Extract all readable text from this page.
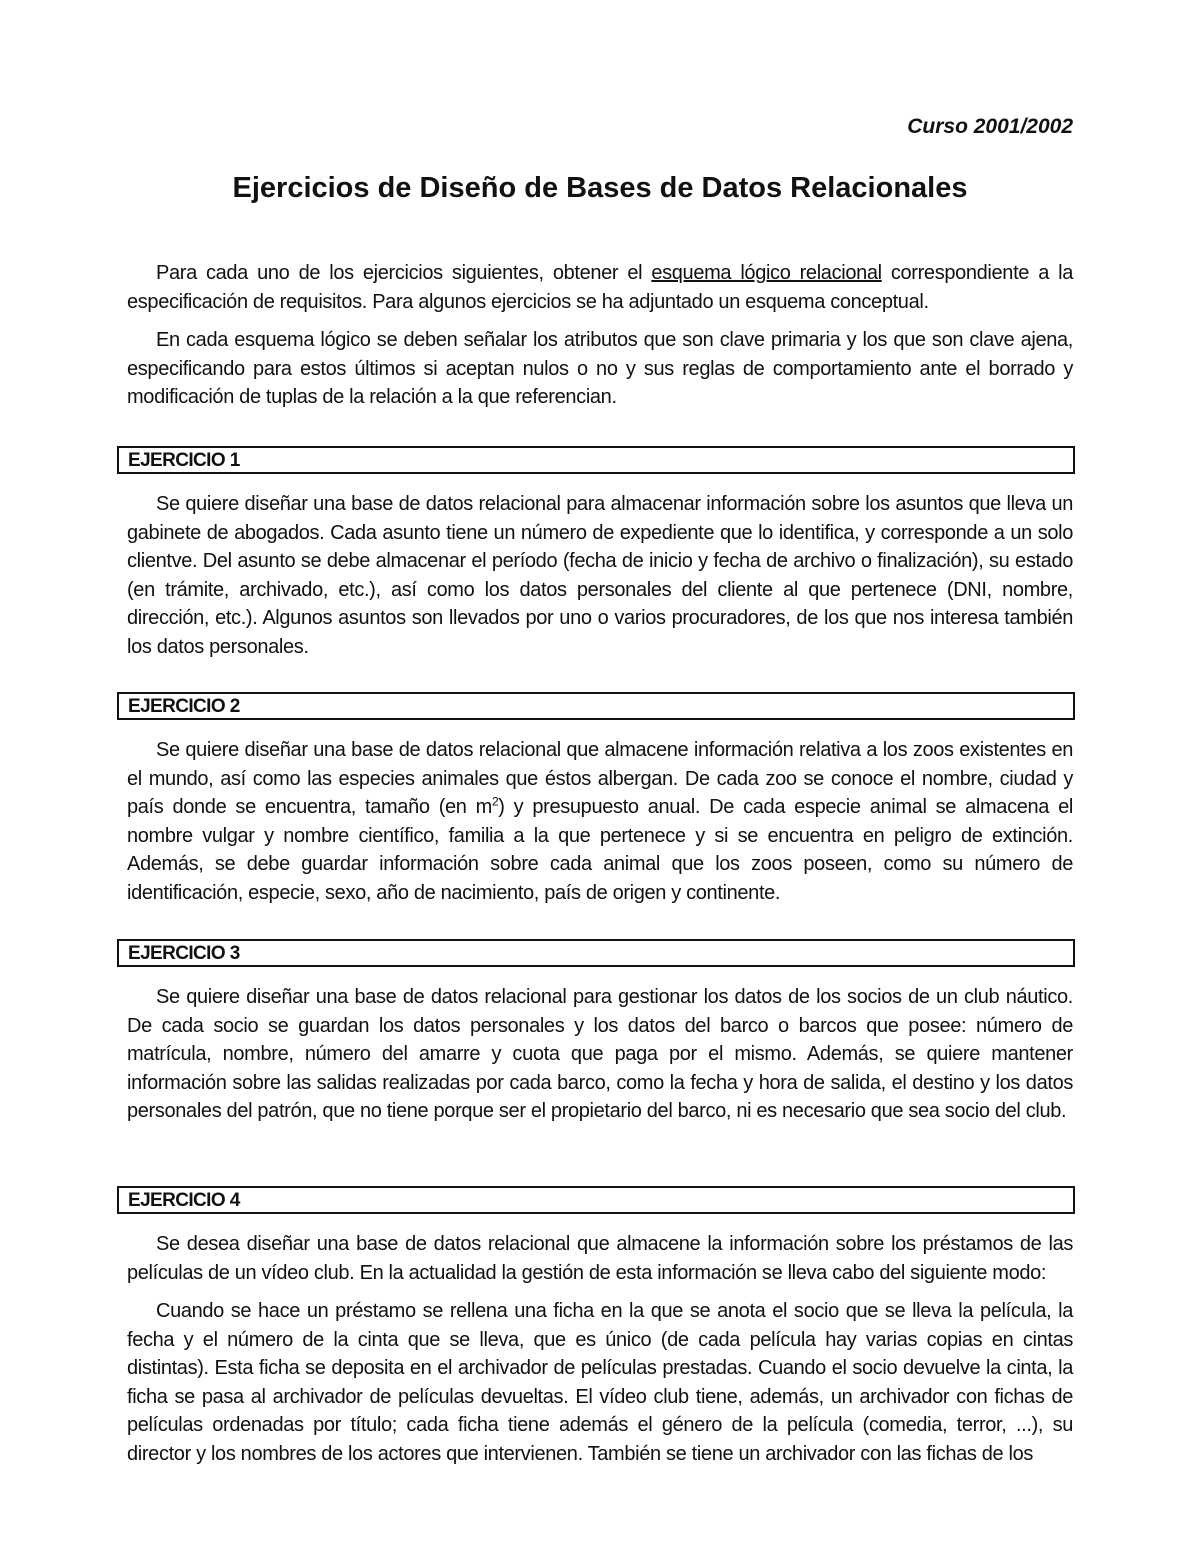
Curso 2001/2002
Ejercicios de Diseño de Bases de Datos Relacionales

Para cada uno de los ejercicios siguientes, obtener el esquema lógico relacional correspondiente a la especificación de requisitos. Para algunos ejercicios se ha adjuntado un esquema conceptual.

En cada esquema lógico se deben señalar los atributos que son clave primaria y los que son clave ajena, especificando para estos últimos si aceptan nulos o no y sus reglas de comportamiento ante el borrado y modificación de tuplas de la relación a la que referencian.

EJERCICIO 1

Se quiere diseñar una base de datos relacional para almacenar información sobre los asuntos que lleva un gabinete de abogados. Cada asunto tiene un número de expediente que lo identifica, y corresponde a un solo clientve. Del asunto se debe almacenar el período (fecha de inicio y fecha de archivo o finalización), su estado (en trámite, archivado, etc.), así como los datos personales del cliente al que pertenece (DNI, nombre, dirección, etc.). Algunos asuntos son llevados por uno o varios procuradores, de los que nos interesa también los datos personales.

EJERCICIO 2

Se quiere diseñar una base de datos relacional que almacene información relativa a los zoos existentes en el mundo, así como las especies animales que éstos albergan. De cada zoo se conoce el nombre, ciudad y país donde se encuentra, tamaño (en $m^2$) y presupuesto anual. De cada especie animal se almacena el nombre vulgar y nombre científico, familia a la que pertenece y si se encuentra en peligro de extinción. Además, se debe guardar información sobre cada animal que los zoos poseen, como su número de identificación, especie, sexo, año de nacimiento, país de origen y continente.

EJERCICIO 3

Se quiere diseñar una base de datos relacional para gestionar los datos de los socios de un club náutico. De cada socio se guardan los datos personales y los datos del barco o barcos que posee: número de matrícula, nombre, número del amarre y cuota que paga por el mismo. Además, se quiere mantener información sobre las salidas realizadas por cada barco, como la fecha y hora de salida, el destino y los datos personales del patrón, que no tiene porque ser el propietario del barco, ni es necesario que sea socio del club.

EJERCICIO 4

Se desea diseñar una base de datos relacional que almacene la información sobre los préstamos de las películas de un vídeo club. En la actualidad la gestión de esta información se lleva cabo del siguiente modo:

Cuando se hace un préstamo se rellena una ficha en la que se anota el socio que se lleva la película, la fecha y el número de la cinta que se lleva, que es único (de cada película hay varias copias en cintas distintas). Esta ficha se deposita en el archivador de películas prestadas. Cuando el socio devuelve la cinta, la ficha se pasa al archivador de películas devueltas. El vídeo club tiene, además, un archivador con fichas de películas ordenadas por título; cada ficha tiene además el género de la película (comedia, terror, ...), su director y los nombres de los actores que intervienen. También se tiene un archivador con las fichas de los
